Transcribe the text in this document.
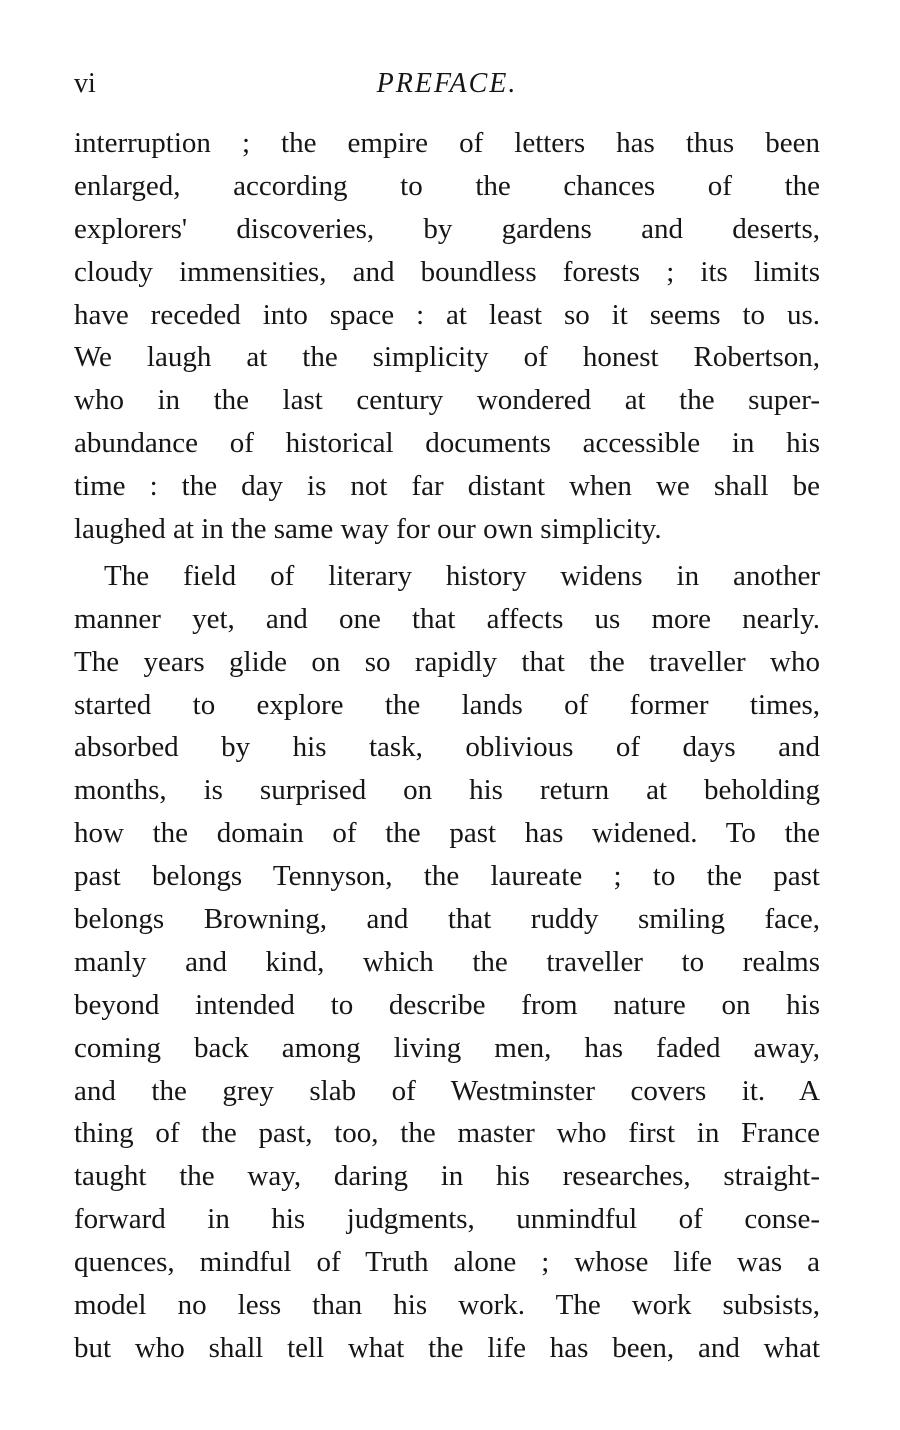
vi	PREFACE.
interruption ; the empire of letters has thus been
enlarged, according to the chances of the
explorers' discoveries, by gardens and deserts,
cloudy immensities, and boundless forests ; its limits
have receded into space : at least so it seems to us.
We laugh at the simplicity of honest Robertson,
who in the last century wondered at the super-
abundance of historical documents accessible in his
time : the day is not far distant when we shall be
laughed at in the same way for our own simplicity.
The field of literary history widens in another
manner yet, and one that affects us more nearly.
The years glide on so rapidly that the traveller who
started to explore the lands of former times,
absorbed by his task, oblivious of days and
months, is surprised on his return at beholding
how the domain of the past has widened. To the
past belongs Tennyson, the laureate ; to the past
belongs Browning, and that ruddy smiling face,
manly and kind, which the traveller to realms
beyond intended to describe from nature on his
coming back among living men, has faded away,
and the grey slab of Westminster covers it. A
thing of the past, too, the master who first in France
taught the way, daring in his researches, straight-
forward in his judgments, unmindful of conse-
quences, mindful of Truth alone ; whose life was a
model no less than his work. The work subsists,
but who shall tell what the life has been, and what
